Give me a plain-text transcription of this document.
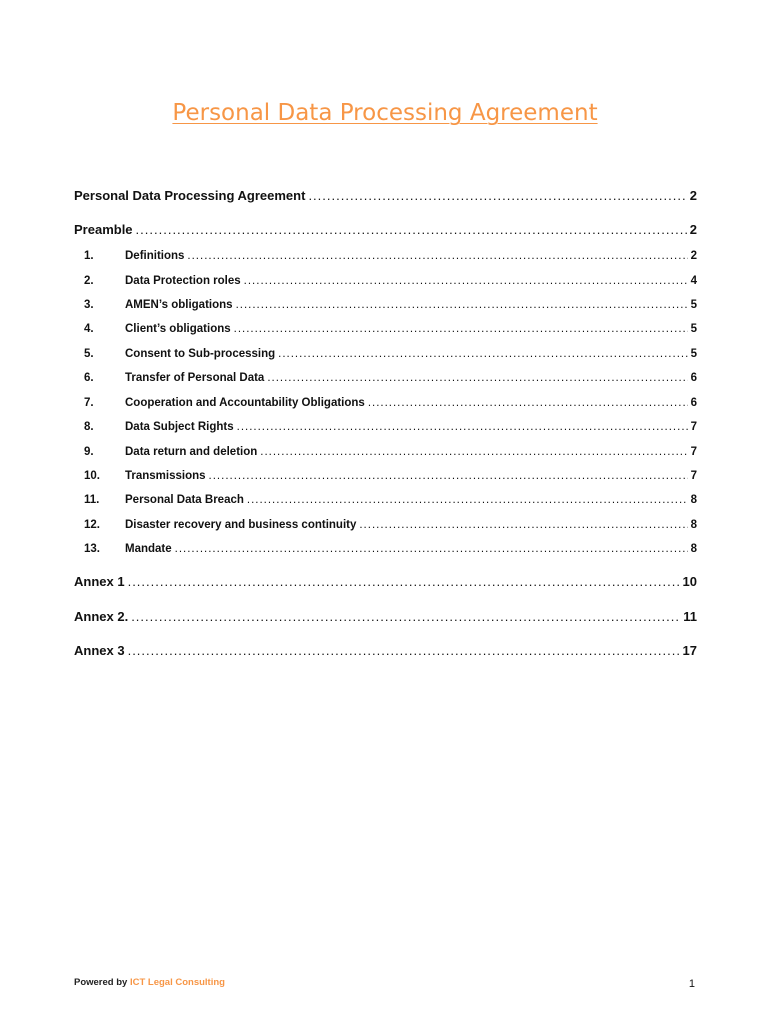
Personal Data Processing Agreement
Personal Data Processing Agreement .....	2
Preamble .....	2
1.	Definitions .....	2
2.	Data Protection roles .....	4
3.	AMEN’s obligations .....	5
4.	Client’s obligations .....	5
5.	Consent to Sub-processing .....	5
6.	Transfer of Personal Data .....	6
7.	Cooperation and Accountability Obligations .....	6
8.	Data Subject Rights .....	7
9.	Data return and deletion .....	7
10.	Transmissions .....	7
11.	Personal Data Breach .....	8
12.	Disaster recovery and business continuity .....	8
13.	Mandate .....	8
Annex 1 .....	10
Annex 2. .....	11
Annex 3 .....	17
Powered by ICT Legal Consulting	1
